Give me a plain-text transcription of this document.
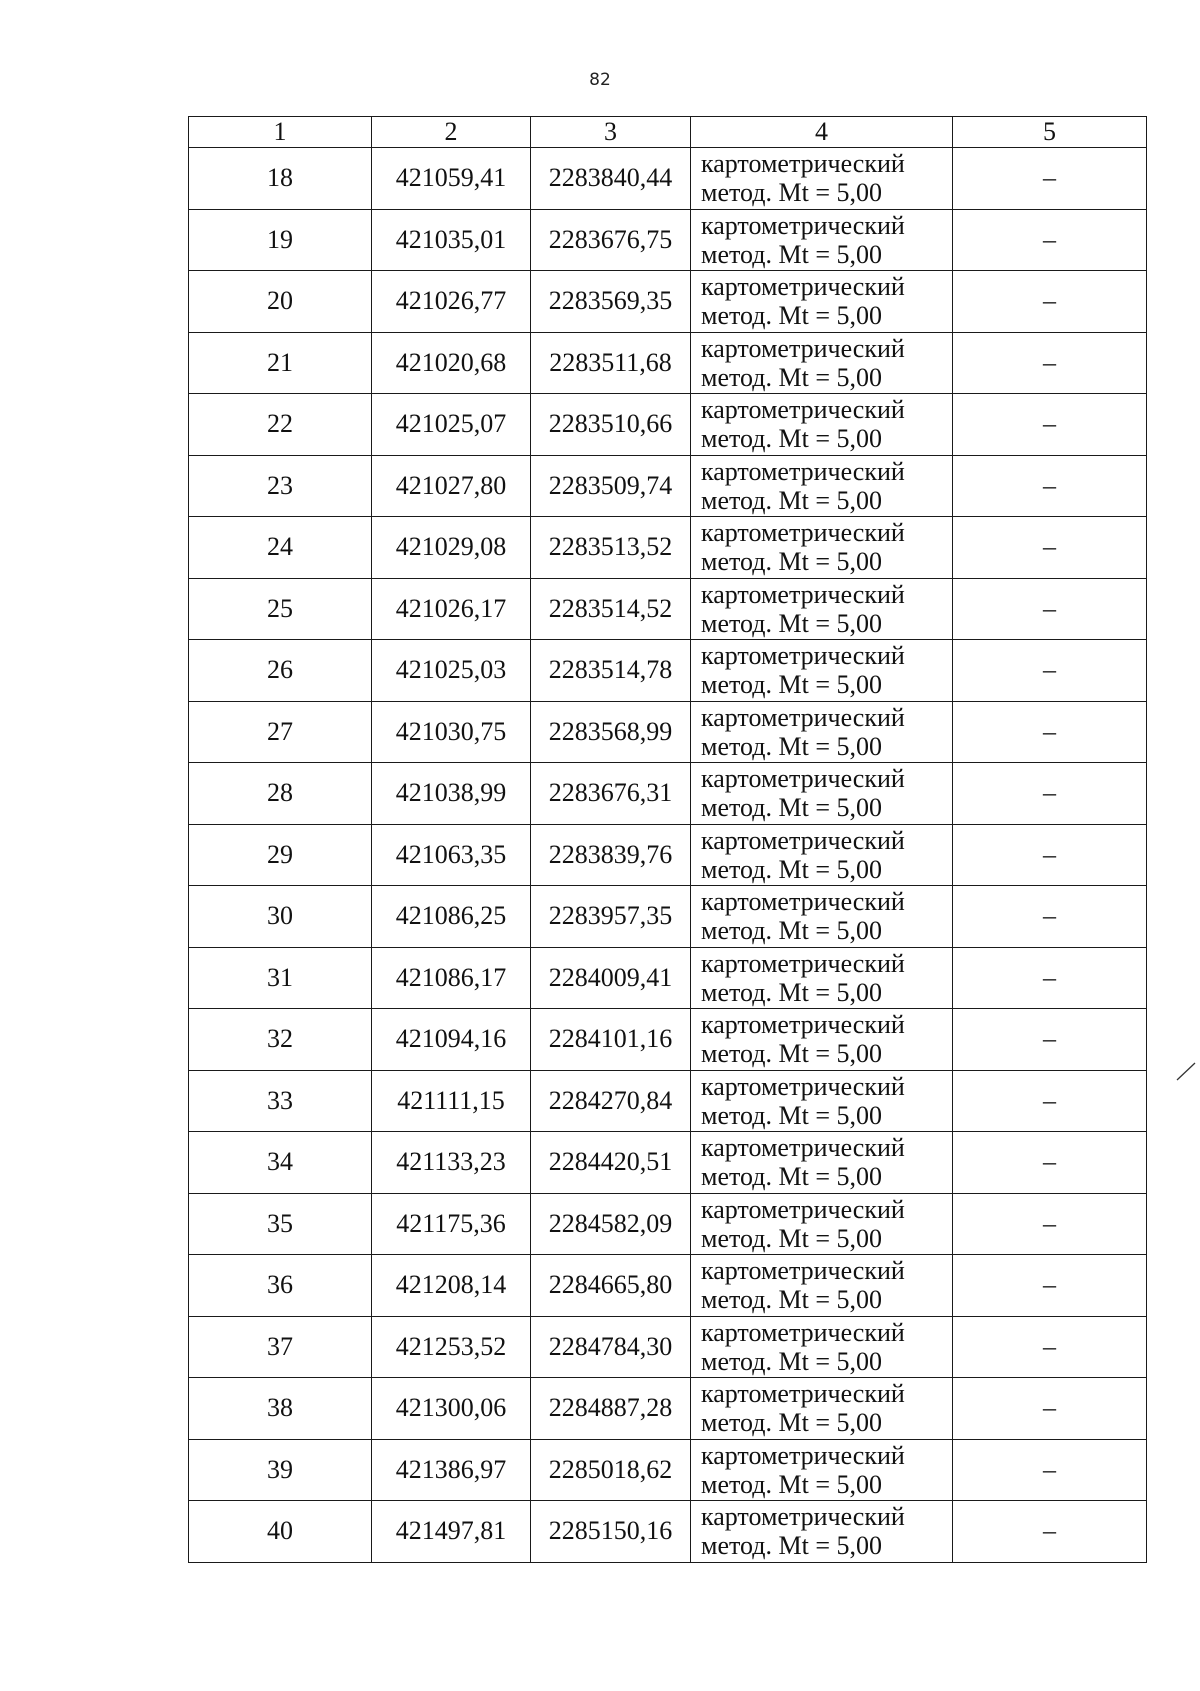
82
1	2	3	4	5
18	421059,41	2283840,44	картометрический
метод. Mt = 5,00	–
19	421035,01	2283676,75	картометрический
метод. Mt = 5,00	–
20	421026,77	2283569,35	картометрический
метод. Mt = 5,00	–
21	421020,68	2283511,68	картометрический
метод. Mt = 5,00	–
22	421025,07	2283510,66	картометрический
метод. Mt = 5,00	–
23	421027,80	2283509,74	картометрический
метод. Mt = 5,00	–
24	421029,08	2283513,52	картометрический
метод. Mt = 5,00	–
25	421026,17	2283514,52	картометрический
метод. Mt = 5,00	–
26	421025,03	2283514,78	картометрический
метод. Mt = 5,00	–
27	421030,75	2283568,99	картометрический
метод. Mt = 5,00	–
28	421038,99	2283676,31	картометрический
метод. Mt = 5,00	–
29	421063,35	2283839,76	картометрический
метод. Mt = 5,00	–
30	421086,25	2283957,35	картометрический
метод. Mt = 5,00	–
31	421086,17	2284009,41	картометрический
метод. Mt = 5,00	–
32	421094,16	2284101,16	картометрический
метод. Mt = 5,00	–
33	421111,15	2284270,84	картометрический
метод. Mt = 5,00	–
34	421133,23	2284420,51	картометрический
метод. Mt = 5,00	–
35	421175,36	2284582,09	картометрический
метод. Mt = 5,00	–
36	421208,14	2284665,80	картометрический
метод. Mt = 5,00	–
37	421253,52	2284784,30	картометрический
метод. Mt = 5,00	–
38	421300,06	2284887,28	картометрический
метод. Mt = 5,00	–
39	421386,97	2285018,62	картометрический
метод. Mt = 5,00	–
40	421497,81	2285150,16	картометрический
метод. Mt = 5,00	–
